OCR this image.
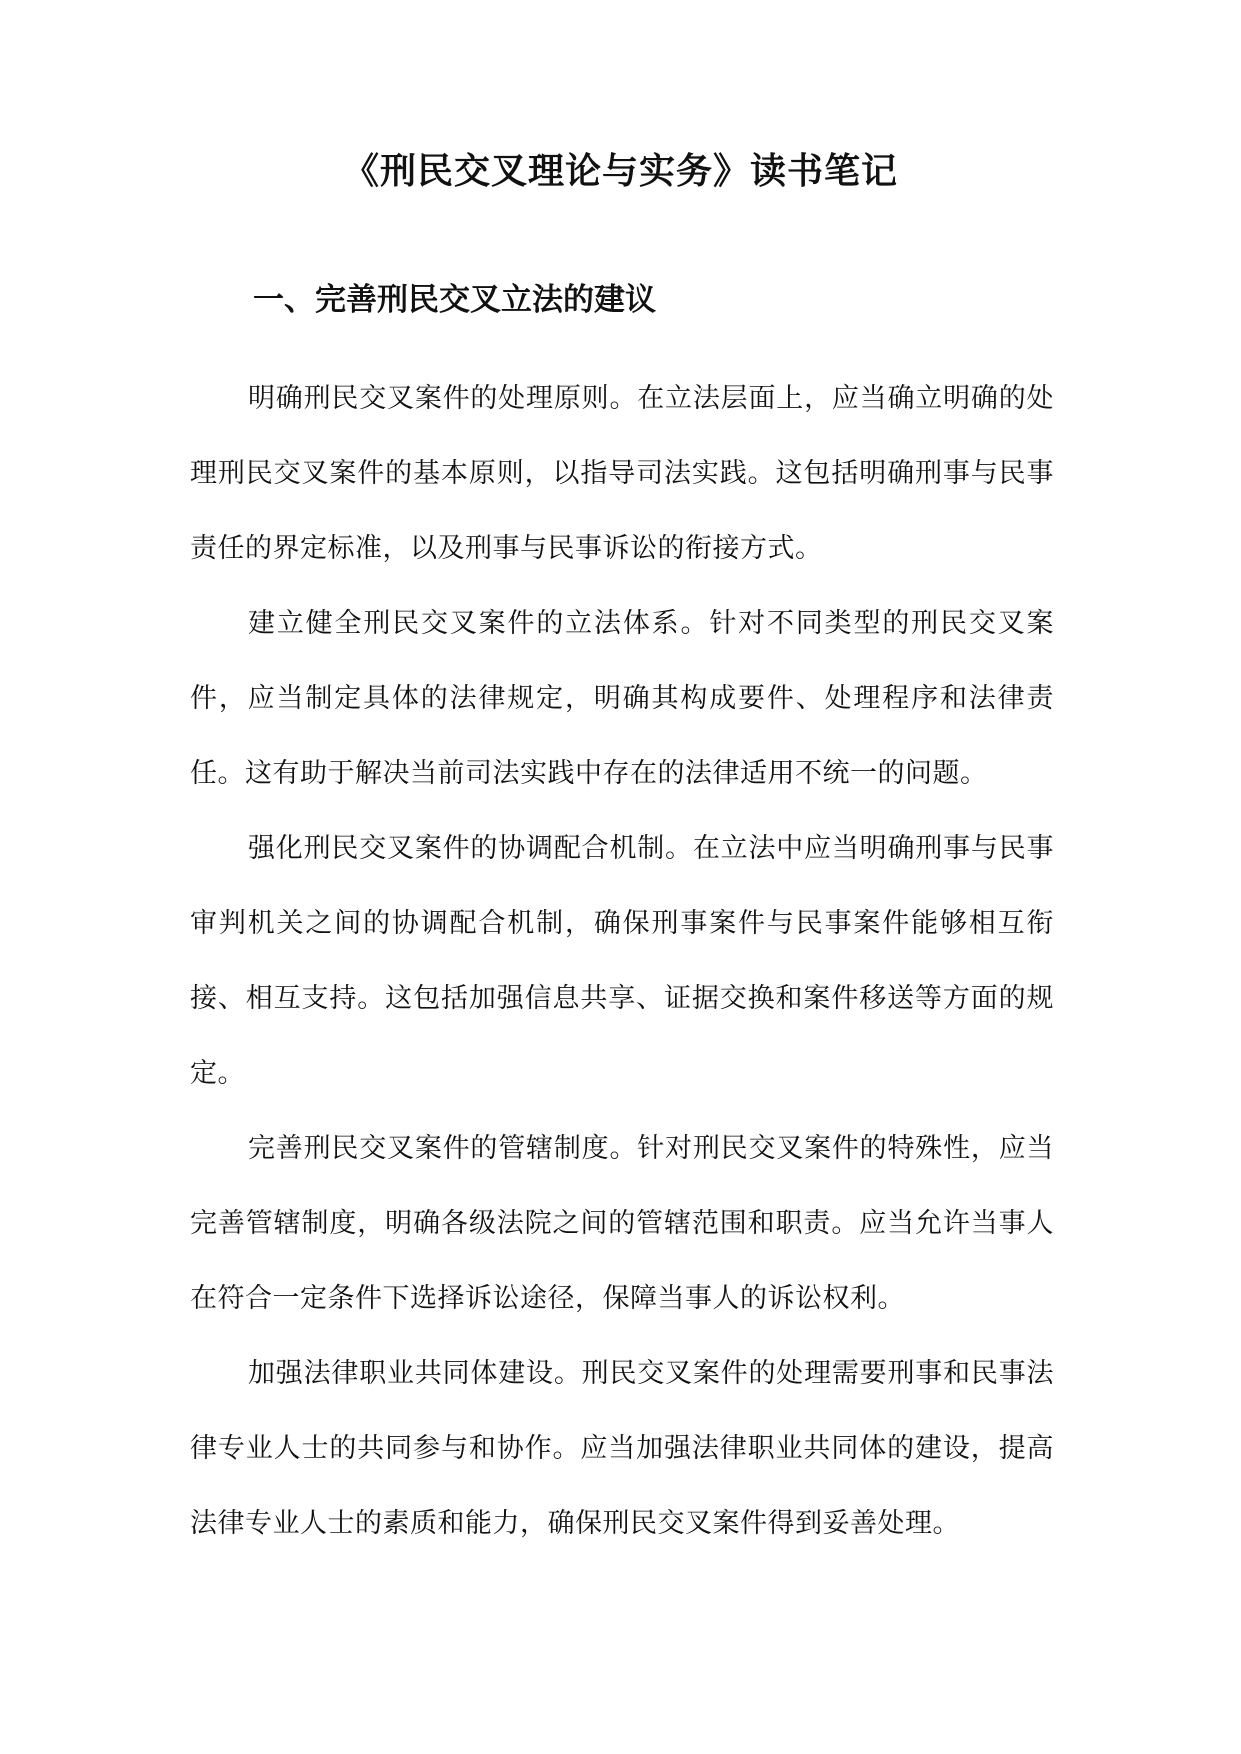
《刑民交叉理论与实务》读书笔记
一、完善刑民交叉立法的建议

明确刑民交叉案件的处理原则。在立法层面上，应当确立明确的处理刑民交叉案件的基本原则，以指导司法实践。这包括明确刑事与民事责任的界定标准，以及刑事与民事诉讼的衔接方式。

建立健全刑民交叉案件的立法体系。针对不同类型的刑民交叉案件，应当制定具体的法律规定，明确其构成要件、处理程序和法律责任。这有助于解决当前司法实践中存在的法律适用不统一的问题。

强化刑民交叉案件的协调配合机制。在立法中应当明确刑事与民事审判机关之间的协调配合机制，确保刑事案件与民事案件能够相互衔接、相互支持。这包括加强信息共享、证据交换和案件移送等方面的规定。

完善刑民交叉案件的管辖制度。针对刑民交叉案件的特殊性，应当完善管辖制度，明确各级法院之间的管辖范围和职责。应当允许当事人在符合一定条件下选择诉讼途径，保障当事人的诉讼权利。

加强法律职业共同体建设。刑民交叉案件的处理需要刑事和民事法律专业人士的共同参与和协作。应当加强法律职业共同体的建设，提高法律专业人士的素质和能力，确保刑民交叉案件得到妥善处理。
